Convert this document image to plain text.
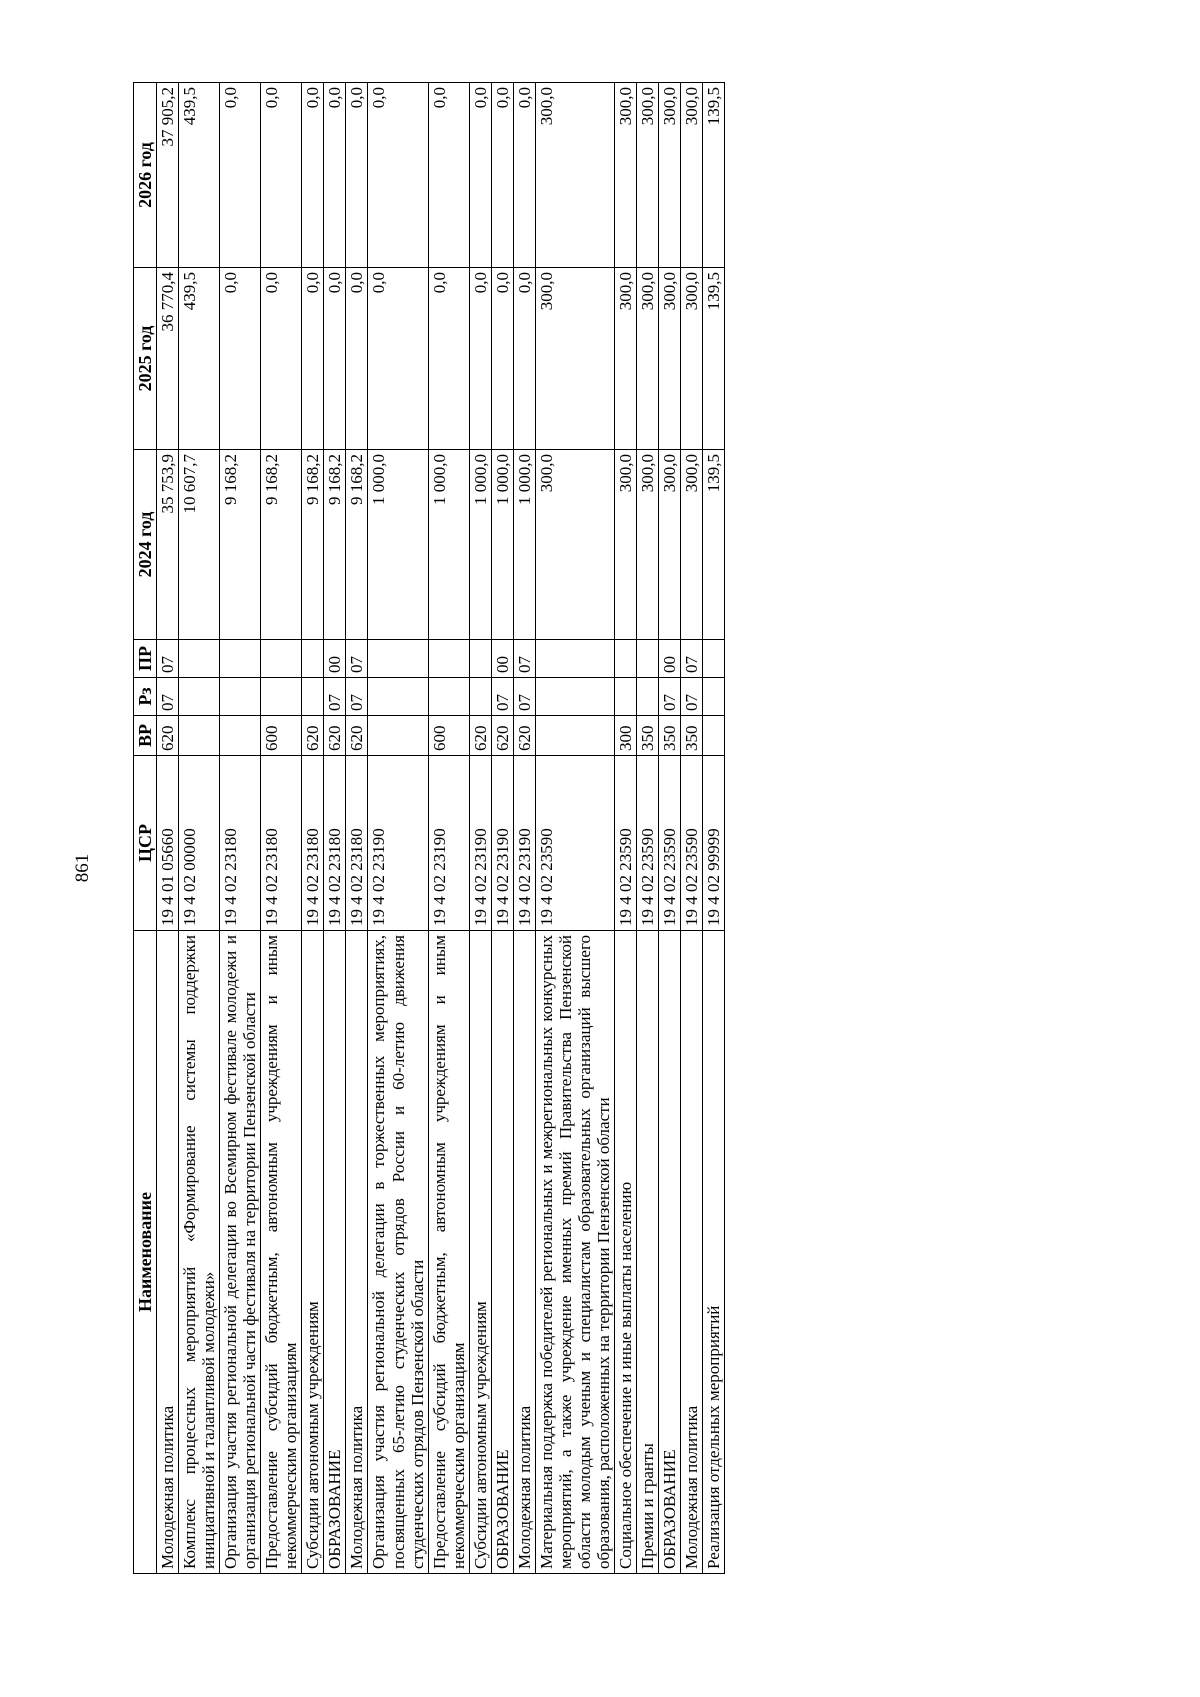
861
Наименование	ЦСР	ВР	Рз	ПР	2024 год	2025 год	2026 год
Молодежная политика	19 4 01 05660	620	07	07	35 753,9	36 770,4	37 905,2
Комплекс процессных мероприятий «Формирование системы поддержки инициативной и талантливой молодежи»	19 4 02 00000				10 607,7	439,5	439,5
Организация участия региональной делегации во Всемирном фестивале молодежи и организация региональной части фестиваля на территории Пензенской области	19 4 02 23180				9 168,2	0,0	0,0
Предоставление субсидий бюджетным, автономным учреждениям и иным некоммерческим организациям	19 4 02 23180	600			9 168,2	0,0	0,0
Субсидии автономным учреждениям	19 4 02 23180	620			9 168,2	0,0	0,0
ОБРАЗОВАНИЕ	19 4 02 23180	620	07	00	9 168,2	0,0	0,0
Молодежная политика	19 4 02 23180	620	07	07	9 168,2	0,0	0,0
Организация участия региональной делегации в торжественных мероприятиях, посвященных 65-летию студенческих отрядов России и 60-летию движения студенческих отрядов Пензенской области	19 4 02 23190				1 000,0	0,0	0,0
Предоставление субсидий бюджетным, автономным учреждениям и иным некоммерческим организациям	19 4 02 23190	600			1 000,0	0,0	0,0
Субсидии автономным учреждениям	19 4 02 23190	620			1 000,0	0,0	0,0
ОБРАЗОВАНИЕ	19 4 02 23190	620	07	00	1 000,0	0,0	0,0
Молодежная политика	19 4 02 23190	620	07	07	1 000,0	0,0	0,0
Материальная поддержка победителей региональных и межрегиональных конкурсных мероприятий, а также учреждение именных премий Правительства Пензенской области молодым ученым и специалистам образовательных организаций высшего образования, расположенных на территории Пензенской области	19 4 02 23590				300,0	300,0	300,0
Социальное обеспечение и иные выплаты населению	19 4 02 23590	300			300,0	300,0	300,0
Премии и гранты	19 4 02 23590	350			300,0	300,0	300,0
ОБРАЗОВАНИЕ	19 4 02 23590	350	07	00	300,0	300,0	300,0
Молодежная политика	19 4 02 23590	350	07	07	300,0	300,0	300,0
Реализация отдельных мероприятий	19 4 02 99999				139,5	139,5	139,5
